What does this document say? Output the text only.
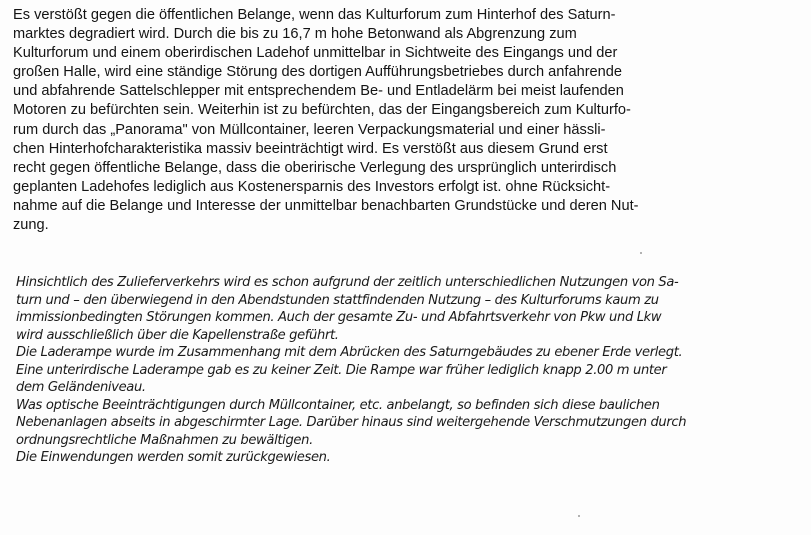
Es verstößt gegen die öffentlichen Belange, wenn das Kulturforum zum Hinterhof des Saturn-
marktes degradiert wird. Durch die bis zu 16,7 m hohe Betonwand als Abgrenzung zum
Kulturforum und einem oberirdischen Ladehof unmittelbar in Sichtweite des Eingangs und der
großen Halle, wird eine ständige Störung des dortigen Aufführungsbetriebes durch anfahrende
und abfahrende Sattelschlepper mit entsprechendem Be- und Entladelärm bei meist laufenden
Motoren zu befürchten sein. Weiterhin ist zu befürchten, das der Eingangsbereich zum Kulturfo-
rum durch das „Panorama" von Müllcontainer, leeren Verpackungsmaterial und einer hässli-
chen Hinterhofcharakteristika massiv beeinträchtigt wird. Es verstößt aus diesem Grund erst
recht gegen öffentliche Belange, dass die oberirische Verlegung des ursprünglich unterirdisch
geplanten Ladehofes lediglich aus Kostenersparnis des Investors erfolgt ist. ohne Rücksicht-
nahme auf die Belange und Interesse der unmittelbar benachbarten Grundstücke und deren Nut-
zung.
Hinsichtlich des Zulieferverkehrs wird es schon aufgrund der zeitlich unterschiedlichen Nutzungen von Sa-
turn und – den überwiegend in den Abendstunden stattfindenden Nutzung – des Kulturforums kaum zu
immissionbedingten Störungen kommen. Auch der gesamte Zu- und Abfahrtsverkehr von Pkw und Lkw
wird ausschließlich über die Kapellenstraße geführt.
Die Laderampe wurde im Zusammenhang mit dem Abrücken des Saturngebäudes zu ebener Erde verlegt.
Eine unterirdische Laderampe gab es zu keiner Zeit. Die Rampe war früher lediglich knapp 2.00 m unter
dem Geländeniveau.
Was optische Beeinträchtigungen durch Müllcontainer, etc. anbelangt, so befinden sich diese baulichen
Nebenanlagen abseits in abgeschirmter Lage. Darüber hinaus sind weitergehende Verschmutzungen durch
ordnungsrechtliche Maßnahmen zu bewältigen.
Die Einwendungen werden somit zurückgewiesen.
